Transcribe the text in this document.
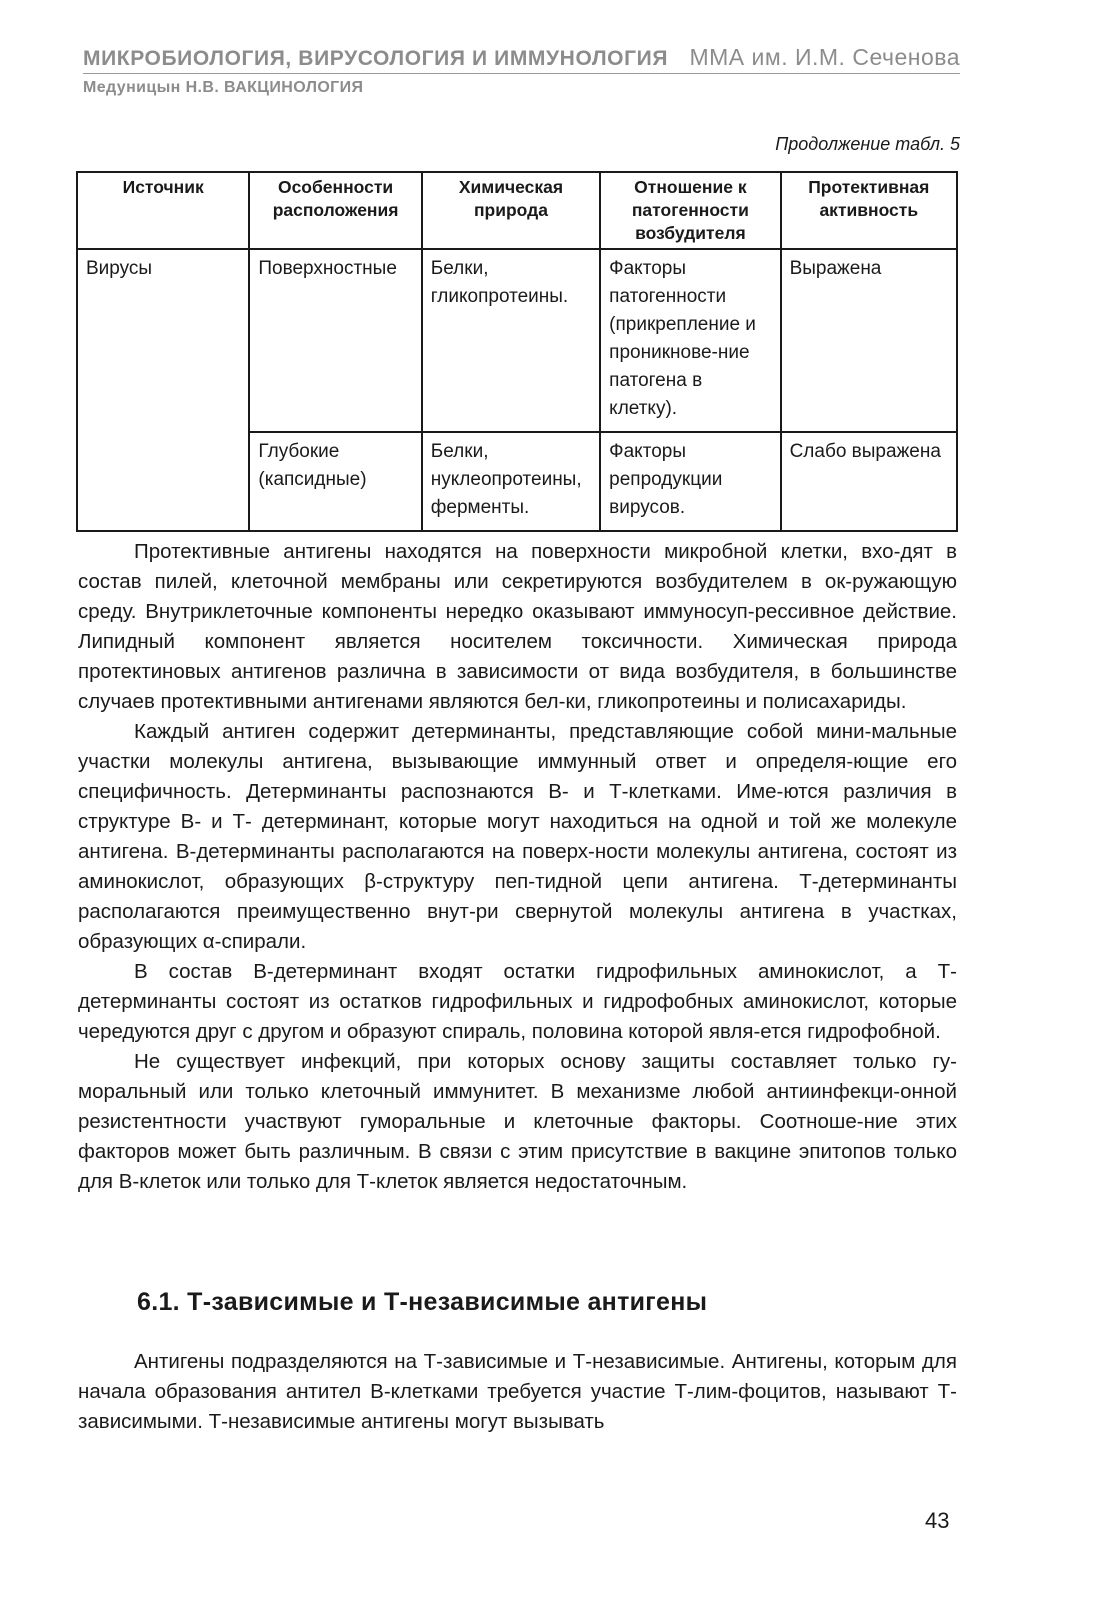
МИКРОБИОЛОГИЯ, ВИРУСОЛОГИЯ И ИММУНОЛОГИЯ ММА им. И.М. Сеченова
Медуницын Н.В. ВАКЦИНОЛОГИЯ
Продолжение табл. 5
Источник	Особенности расположения	Химическая природа	Отношение к патогенности возбудителя	Протективная активность
Вирусы	Поверхностные	Белки, гликопротеины.	Факторы патогенности (прикрепление и проникнове-ние патогена в клетку).	Выражена
	Глубокие (капсидные)	Белки, нуклеопротеины, ферменты.	Факторы репродукции вирусов.	Слабо выражена

Протективные антигены находятся на поверхности микробной клетки, вхо-дят в состав пилей, клеточной мембраны или секретируются возбудителем в ок-ружающую среду. Внутриклеточные компоненты нередко оказывают иммуносуп-рессивное действие. Липидный компонент является носителем токсичности. Химическая природа протектиновых антигенов различна в зависимости от вида возбудителя, в большинстве случаев протективными антигенами являются бел-ки, гликопротеины и полисахариды.

Каждый антиген содержит детерминанты, представляющие собой мини-мальные участки молекулы антигена, вызывающие иммунный ответ и определя-ющие его специфичность. Детерминанты распознаются В- и Т-клетками. Име-ются различия в структуре В- и Т- детерминант, которые могут находиться на одной и той же молекуле антигена. В-детерминанты располагаются на поверх-ности молекулы антигена, состоят из аминокислот, образующих β-структуру пеп-тидной цепи антигена. Т-детерминанты располагаются преимущественно внут-ри свернутой молекулы антигена в участках, образующих α-спирали.

В состав В-детерминант входят остатки гидрофильных аминокислот, а Т-детерминанты состоят из остатков гидрофильных и гидрофобных аминокислот, которые чередуются друг с другом и образуют спираль, половина которой явля-ется гидрофобной.

Не существует инфекций, при которых основу защиты составляет только гу-моральный или только клеточный иммунитет. В механизме любой антиинфекци-онной резистентности участвуют гуморальные и клеточные факторы. Соотноше-ние этих факторов может быть различным. В связи с этим присутствие в вакцине эпитопов только для В-клеток или только для Т-клеток является недостаточным.

6.1. Т-зависимые и Т-независимые антигены

Антигены подразделяются на Т-зависимые и Т-независимые. Антигены, которым для начала образования антител В-клетками требуется участие Т-лим-фоцитов, называют Т-зависимыми. Т-независимые антигены могут вызывать

43
